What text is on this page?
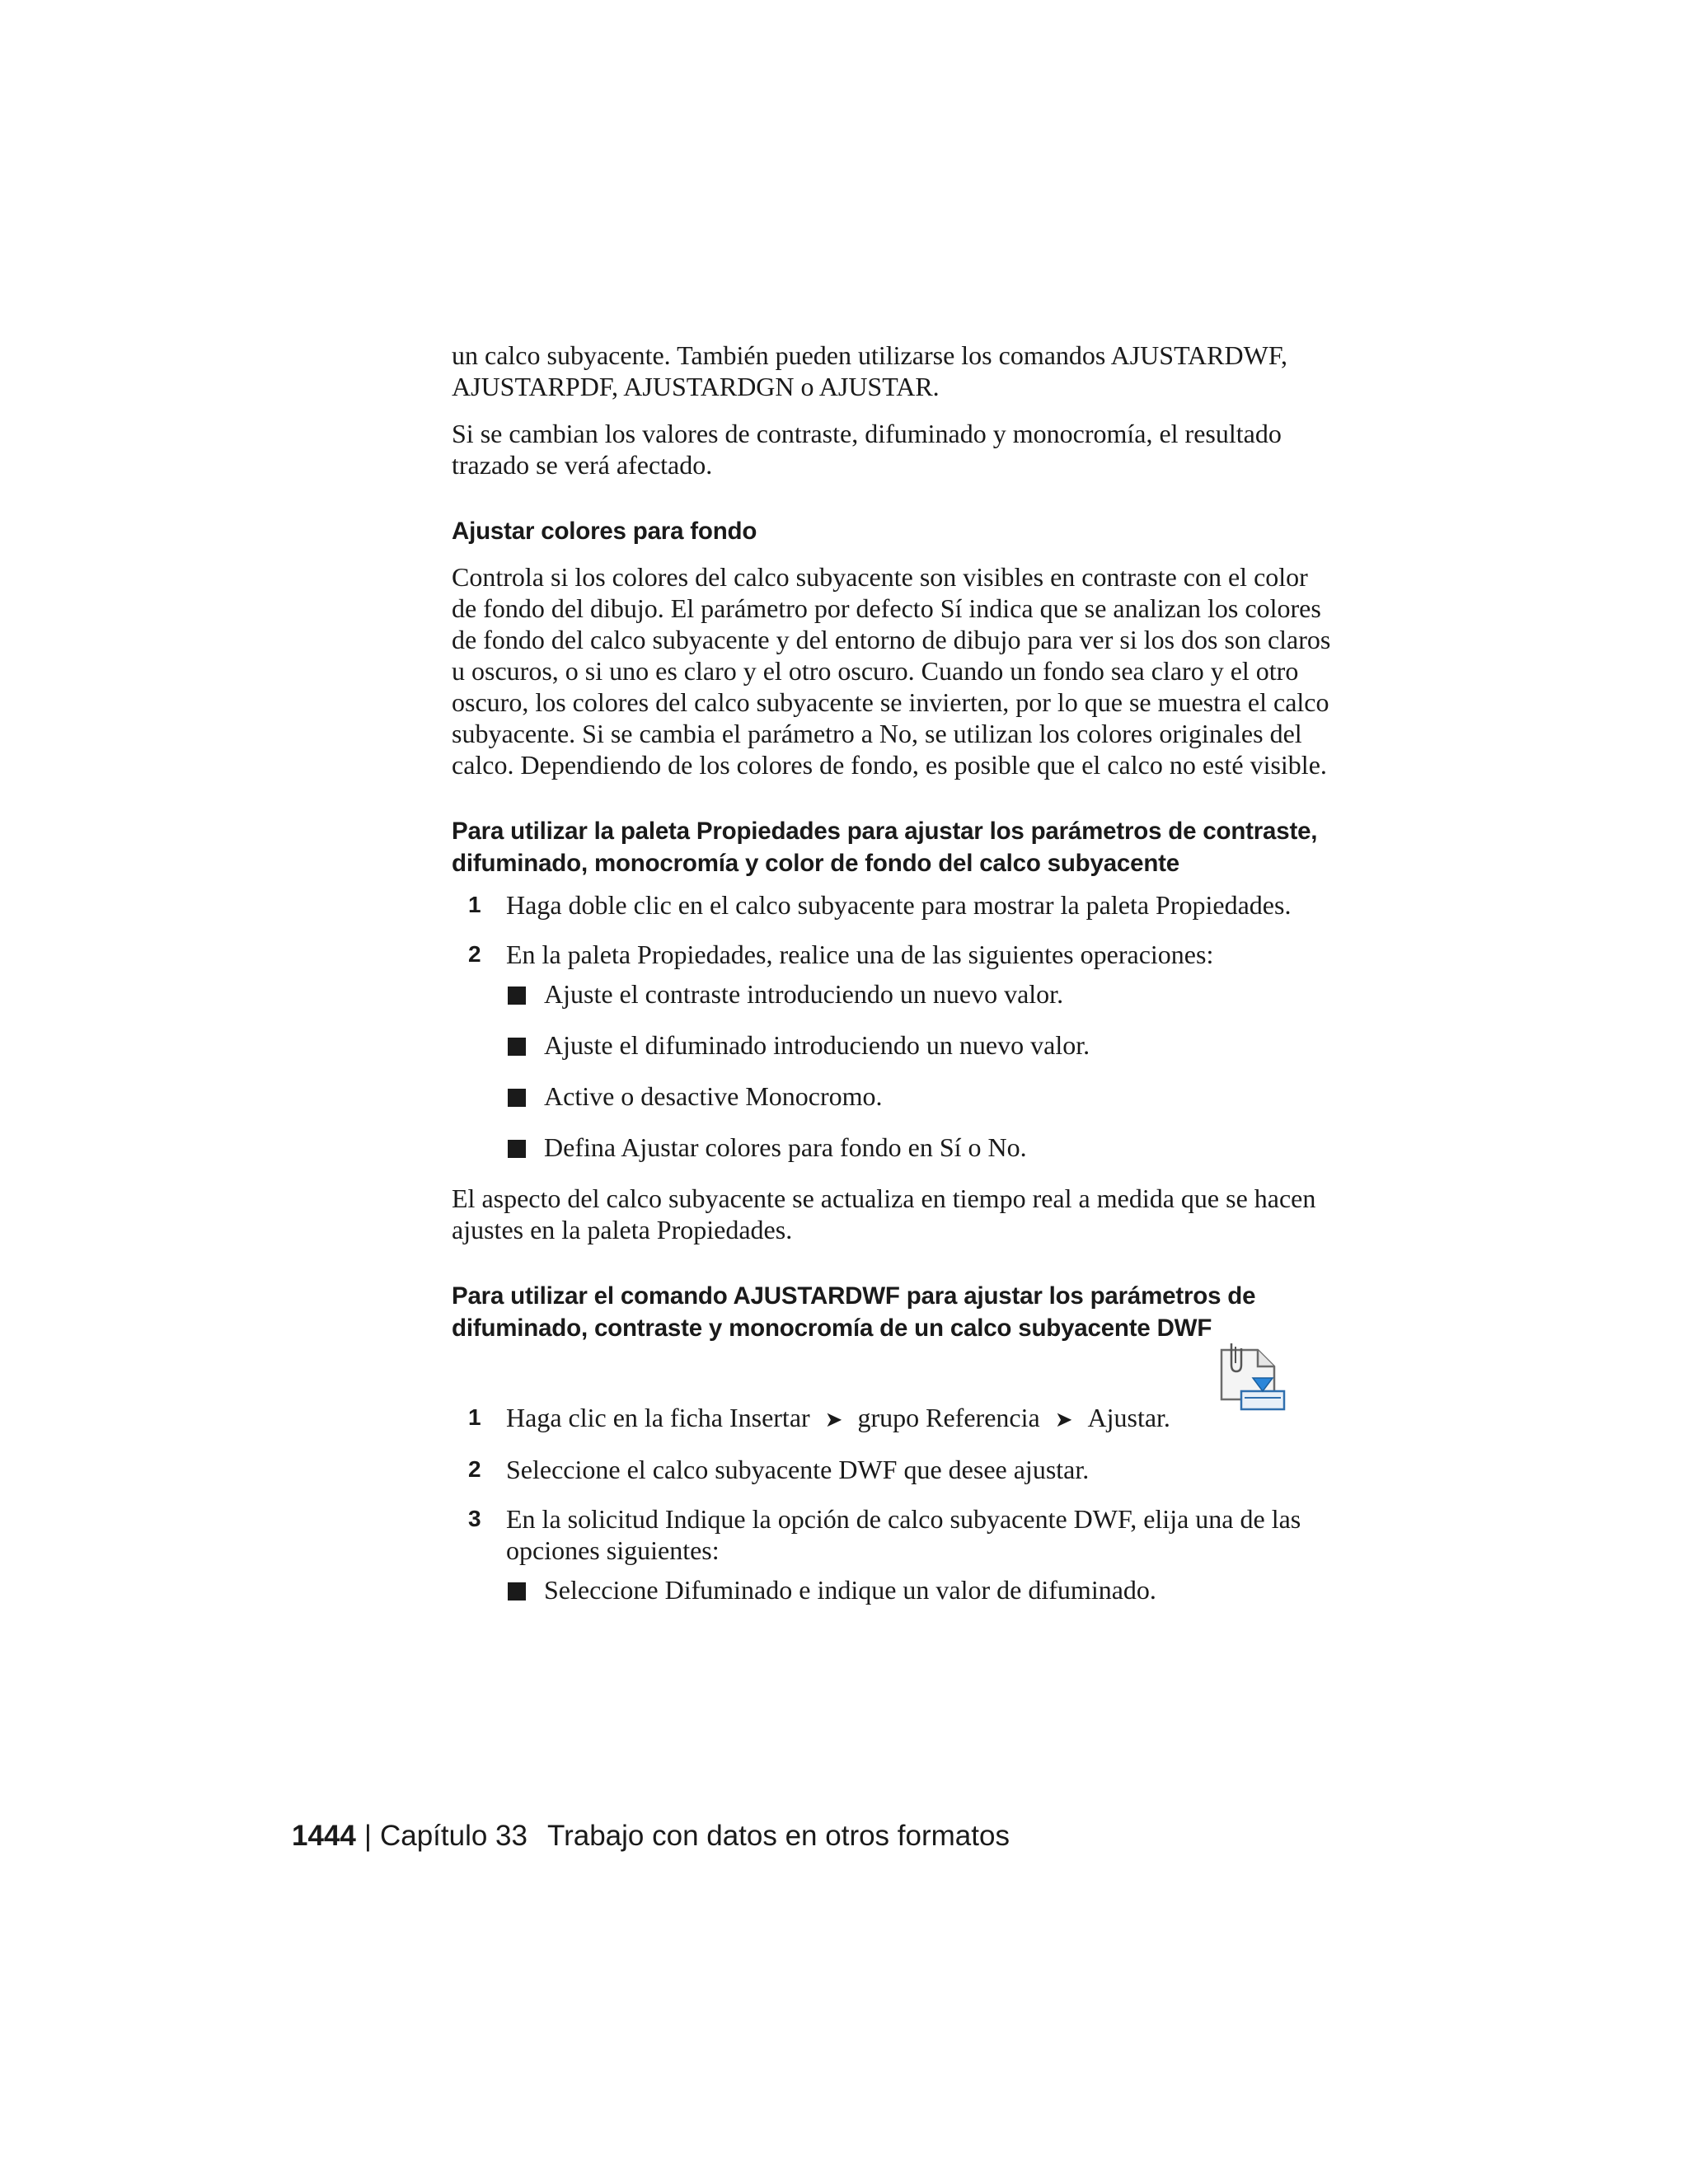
un calco subyacente. También pueden utilizarse los comandos AJUSTARDWF, AJUSTARPDF, AJUSTARDGN o AJUSTAR.

Si se cambian los valores de contraste, difuminado y monocromía, el resultado trazado se verá afectado.

Ajustar colores para fondo

Controla si los colores del calco subyacente son visibles en contraste con el color de fondo del dibujo. El parámetro por defecto Sí indica que se analizan los colores de fondo del calco subyacente y del entorno de dibujo para ver si los dos son claros u oscuros, o si uno es claro y el otro oscuro. Cuando un fondo sea claro y el otro oscuro, los colores del calco subyacente se invierten, por lo que se muestra el calco subyacente. Si se cambia el parámetro a No, se utilizan los colores originales del calco. Dependiendo de los colores de fondo, es posible que el calco no esté visible.

Para utilizar la paleta Propiedades para ajustar los parámetros de contraste, difuminado, monocromía y color de fondo del calco subyacente
1 Haga doble clic en el calco subyacente para mostrar la paleta Propiedades.
2 En la paleta Propiedades, realice una de las siguientes operaciones:
Ajuste el contraste introduciendo un nuevo valor.
Ajuste el difuminado introduciendo un nuevo valor.
Active o desactive Monocromo.
Defina Ajustar colores para fondo en Sí o No.

El aspecto del calco subyacente se actualiza en tiempo real a medida que se hacen ajustes en la paleta Propiedades.

Para utilizar el comando AJUSTARDWF para ajustar los parámetros de difuminado, contraste y monocromía de un calco subyacente DWF
1 Haga clic en la ficha Insertar ➤ grupo Referencia ➤ Ajustar.
2 Seleccione el calco subyacente DWF que desee ajustar.
3 En la solicitud Indique la opción de calco subyacente DWF, elija una de las opciones siguientes:
Seleccione Difuminado e indique un valor de difuminado.
1444 | Capítulo 33 Trabajo con datos en otros formatos
